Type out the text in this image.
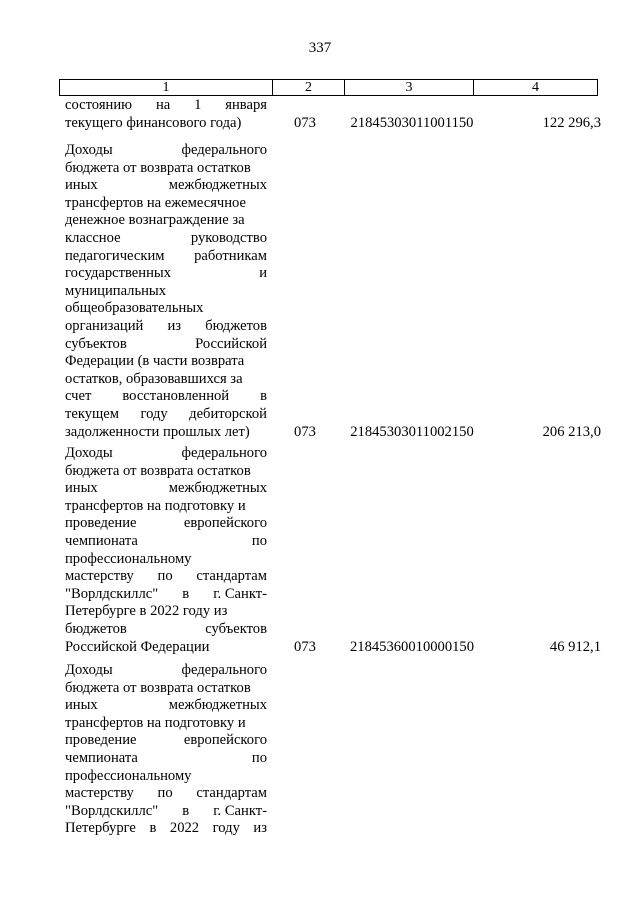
337
1	2	3	4
состоянию на 1 января
текущего финансового года)	073	21845303011001150	122 296,3
Доходы	федерального
бюджета от возврата остатков
иных	межбюджетных
трансфертов на ежемесячное
денежное вознаграждение за
классное	руководство
педагогическим работникам
государственных	и
муниципальных
общеобразовательных
организаций из бюджетов
субъектов	Российской
Федерации (в части возврата
остатков, образовавшихся за
счет восстановленной в
текущем году дебиторской
задолженности прошлых лет)	073	21845303011002150	206 213,0
Доходы	федерального
бюджета от возврата остатков
иных	межбюджетных
трансфертов на подготовку и
проведение	европейского
чемпионата	по
профессиональному
мастерству по стандартам
"Ворлдскиллс" в г. Санкт-
Петербурге в 2022 году из
бюджетов	субъектов
Российской Федерации	073	21845360010000150	46 912,1
Доходы	федерального
бюджета от возврата остатков
иных	межбюджетных
трансфертов на подготовку и
проведение	европейского
чемпионата	по
профессиональному
мастерству по стандартам
"Ворлдскиллс" в г. Санкт-
Петербурге в 2022 году из
